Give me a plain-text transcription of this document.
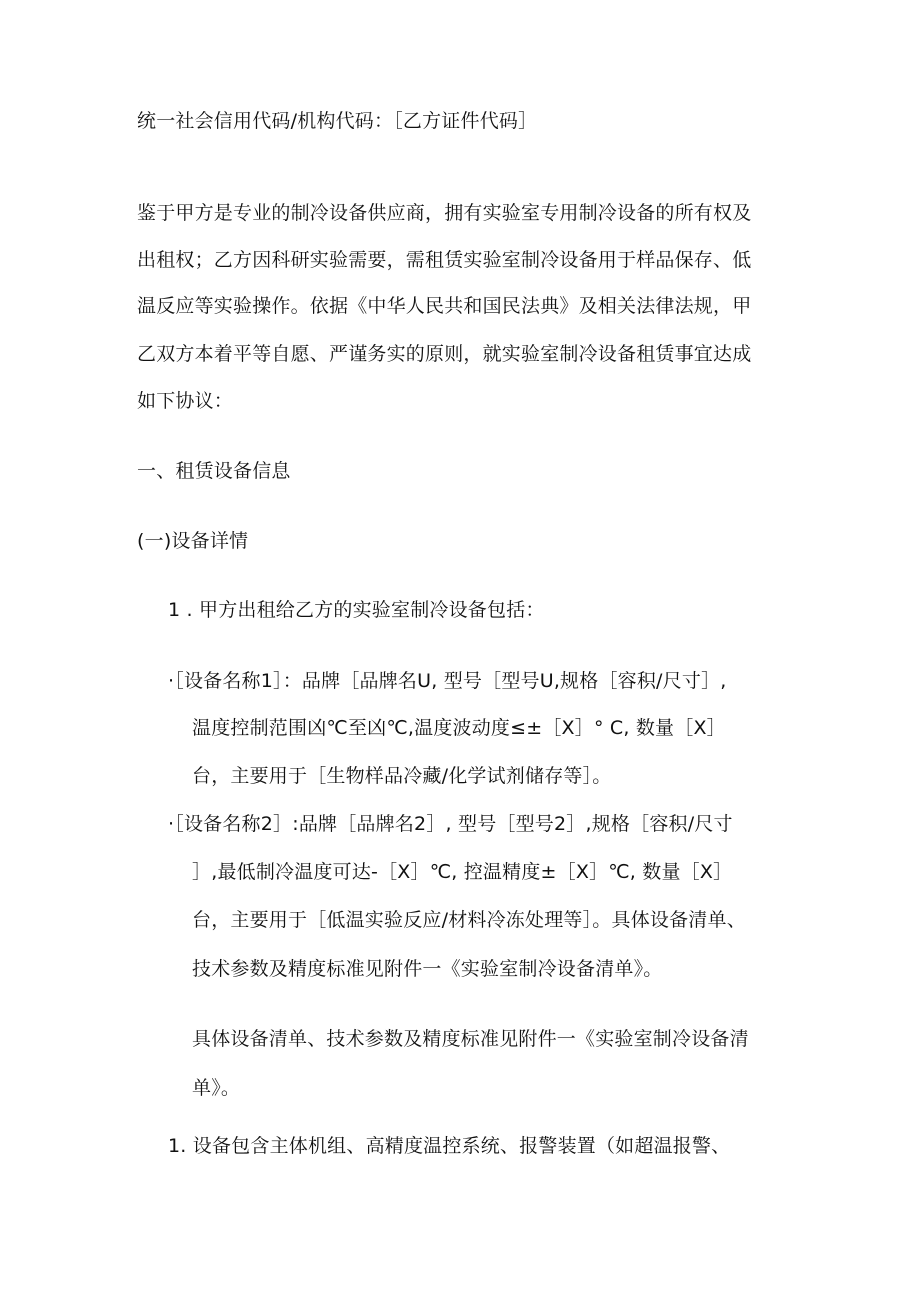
统一社会信用代码/机构代码：［乙方证件代码］

鉴于甲方是专业的制冷设备供应商，拥有实验室专用制冷设备的所有权及

出租权；乙方因科研实验需要，需租赁实验室制冷设备用于样品保存、低

温反应等实验操作。依据《中华人民共和国民法典》及相关法律法规，甲

乙双方本着平等自愿、严谨务实的原则，就实验室制冷设备租赁事宜达成

如下协议：

一、租赁设备信息

(一)设备详情

1 . 甲方出租给乙方的实验室制冷设备包括：

·［设备名称1］：品牌［品牌名U, 型号［型号U,规格［容积/尺寸］,

温度控制范围凶℃至凶℃,温度波动度≤±［X］° C, 数量［X］

台，主要用于［生物样品冷藏/化学试剂储存等］。

·［设备名称2］:品牌［品牌名2］, 型号［型号2］,规格［容积/尺寸

］,最低制冷温度可达-［X］℃, 控温精度±［X］℃, 数量［X］

台，主要用于［低温实验反应/材料冷冻处理等］。具体设备清单、

技术参数及精度标准见附件一《实验室制冷设备清单》。

具体设备清单、技术参数及精度标准见附件一《实验室制冷设备清

单》。

1. 设备包含主体机组、高精度温控系统、报警装置（如超温报警、
